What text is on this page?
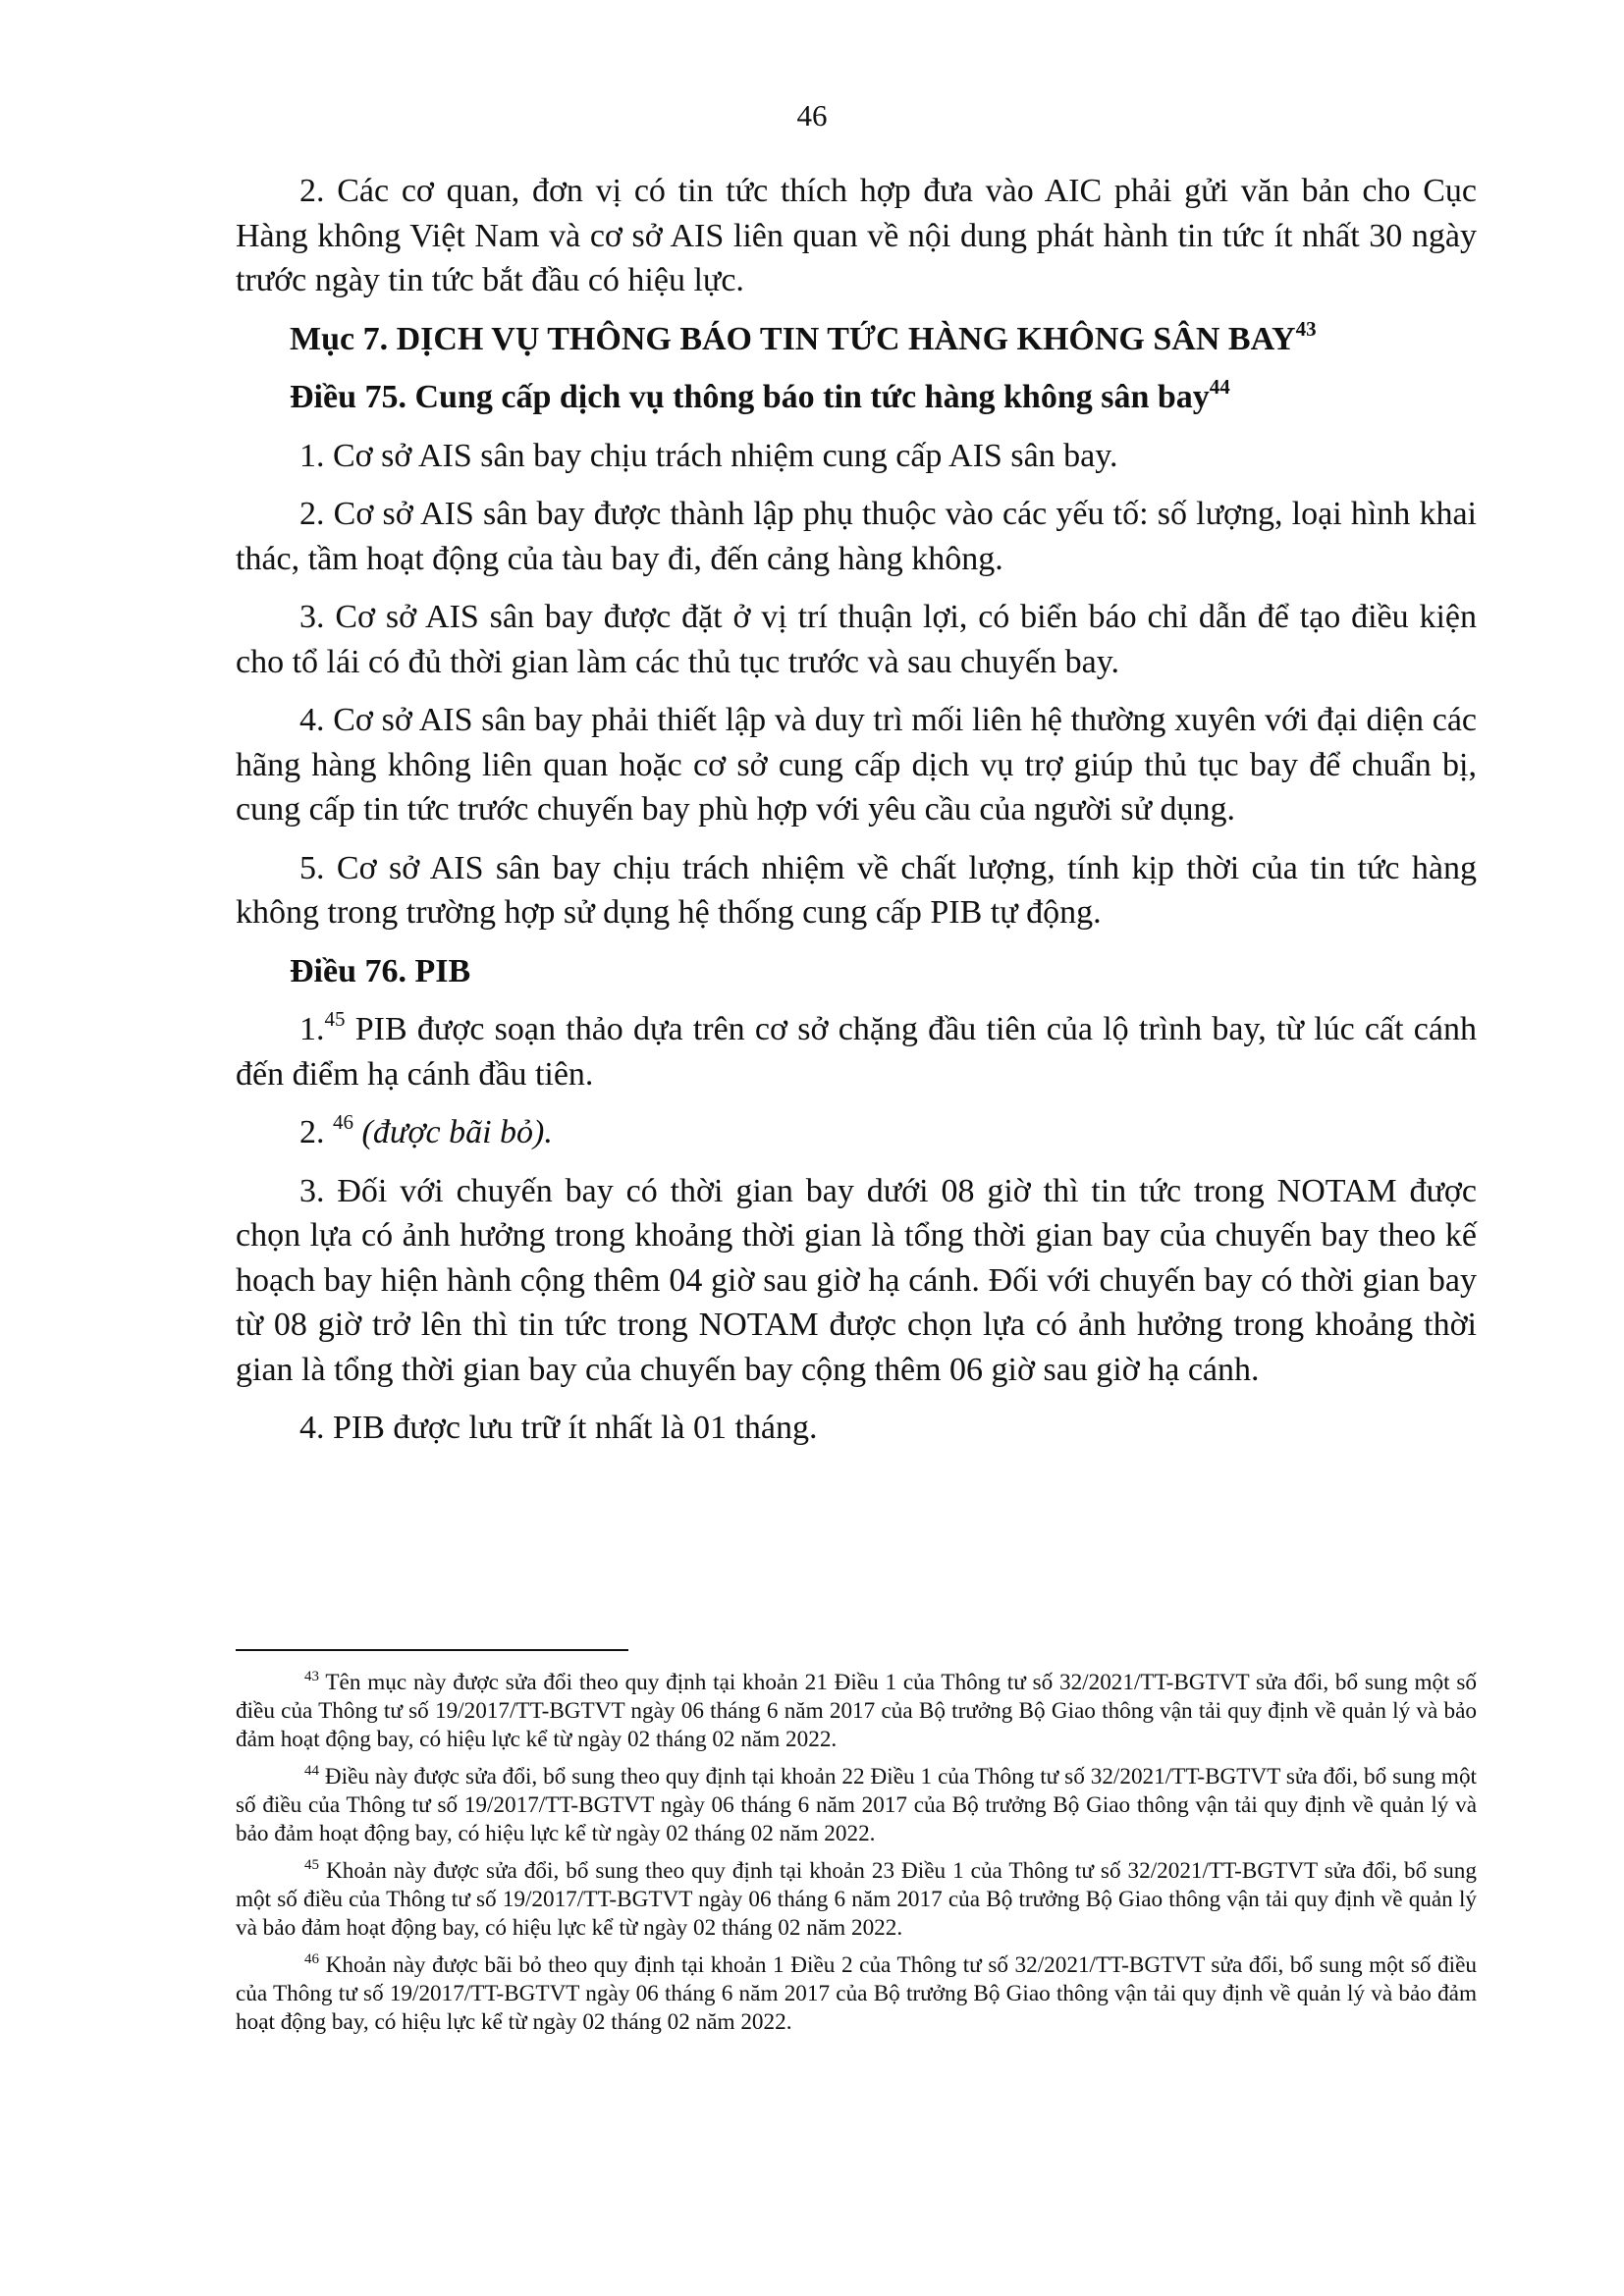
46

2. Các cơ quan, đơn vị có tin tức thích hợp đưa vào AIC phải gửi văn bản cho Cục Hàng không Việt Nam và cơ sở AIS liên quan về nội dung phát hành tin tức ít nhất 30 ngày trước ngày tin tức bắt đầu có hiệu lực.

Mục 7. DỊCH VỤ THÔNG BÁO TIN TỨC HÀNG KHÔNG SÂN BAY$^{43}$

Điều 75. Cung cấp dịch vụ thông báo tin tức hàng không sân bay$^{44}$

1. Cơ sở AIS sân bay chịu trách nhiệm cung cấp AIS sân bay.

2. Cơ sở AIS sân bay được thành lập phụ thuộc vào các yếu tố: số lượng, loại hình khai thác, tầm hoạt động của tàu bay đi, đến cảng hàng không.

3. Cơ sở AIS sân bay được đặt ở vị trí thuận lợi, có biển báo chỉ dẫn để tạo điều kiện cho tổ lái có đủ thời gian làm các thủ tục trước và sau chuyến bay.

4. Cơ sở AIS sân bay phải thiết lập và duy trì mối liên hệ thường xuyên với đại diện các hãng hàng không liên quan hoặc cơ sở cung cấp dịch vụ trợ giúp thủ tục bay để chuẩn bị, cung cấp tin tức trước chuyến bay phù hợp với yêu cầu của người sử dụng.

5. Cơ sở AIS sân bay chịu trách nhiệm về chất lượng, tính kịp thời của tin tức hàng không trong trường hợp sử dụng hệ thống cung cấp PIB tự động.

Điều 76. PIB

1.45 PIB được soạn thảo dựa trên cơ sở chặng đầu tiên của lộ trình bay, từ lúc cất cánh đến điểm hạ cánh đầu tiên.

2. $^{46}$ (được bãi bỏ).

3. Đối với chuyến bay có thời gian bay dưới 08 giờ thì tin tức trong NOTAM được chọn lựa có ảnh hưởng trong khoảng thời gian là tổng thời gian bay của chuyến bay theo kế hoạch bay hiện hành cộng thêm 04 giờ sau giờ hạ cánh. Đối với chuyến bay có thời gian bay từ 08 giờ trở lên thì tin tức trong NOTAM được chọn lựa có ảnh hưởng trong khoảng thời gian là tổng thời gian bay của chuyến bay cộng thêm 06 giờ sau giờ hạ cánh.

4. PIB được lưu trữ ít nhất là 01 tháng.

$^{43}$ Tên mục này được sửa đổi theo quy định tại khoản 21 Điều 1 của Thông tư số 32/2021/TT-BGTVT sửa đổi, bổ sung một số điều của Thông tư số 19/2017/TT-BGTVT ngày 06 tháng 6 năm 2017 của Bộ trưởng Bộ Giao thông vận tải quy định về quản lý và bảo đảm hoạt động bay, có hiệu lực kể từ ngày 02 tháng 02 năm 2022.

$^{44}$ Điều này được sửa đổi, bổ sung theo quy định tại khoản 22 Điều 1 của Thông tư số 32/2021/TT-BGTVT sửa đổi, bổ sung một số điều của Thông tư số 19/2017/TT-BGTVT ngày 06 tháng 6 năm 2017 của Bộ trưởng Bộ Giao thông vận tải quy định về quản lý và bảo đảm hoạt động bay, có hiệu lực kể từ ngày 02 tháng 02 năm 2022.

$^{45}$ Khoản này được sửa đổi, bổ sung theo quy định tại khoản 23 Điều 1 của Thông tư số 32/2021/TT-BGTVT sửa đổi, bổ sung một số điều của Thông tư số 19/2017/TT-BGTVT ngày 06 tháng 6 năm 2017 của Bộ trưởng Bộ Giao thông vận tải quy định về quản lý và bảo đảm hoạt động bay, có hiệu lực kể từ ngày 02 tháng 02 năm 2022.

$^{46}$ Khoản này được bãi bỏ theo quy định tại khoản 1 Điều 2 của Thông tư số 32/2021/TT-BGTVT sửa đổi, bổ sung một số điều của Thông tư số 19/2017/TT-BGTVT ngày 06 tháng 6 năm 2017 của Bộ trưởng Bộ Giao thông vận tải quy định về quản lý và bảo đảm hoạt động bay, có hiệu lực kể từ ngày 02 tháng 02 năm 2022.
